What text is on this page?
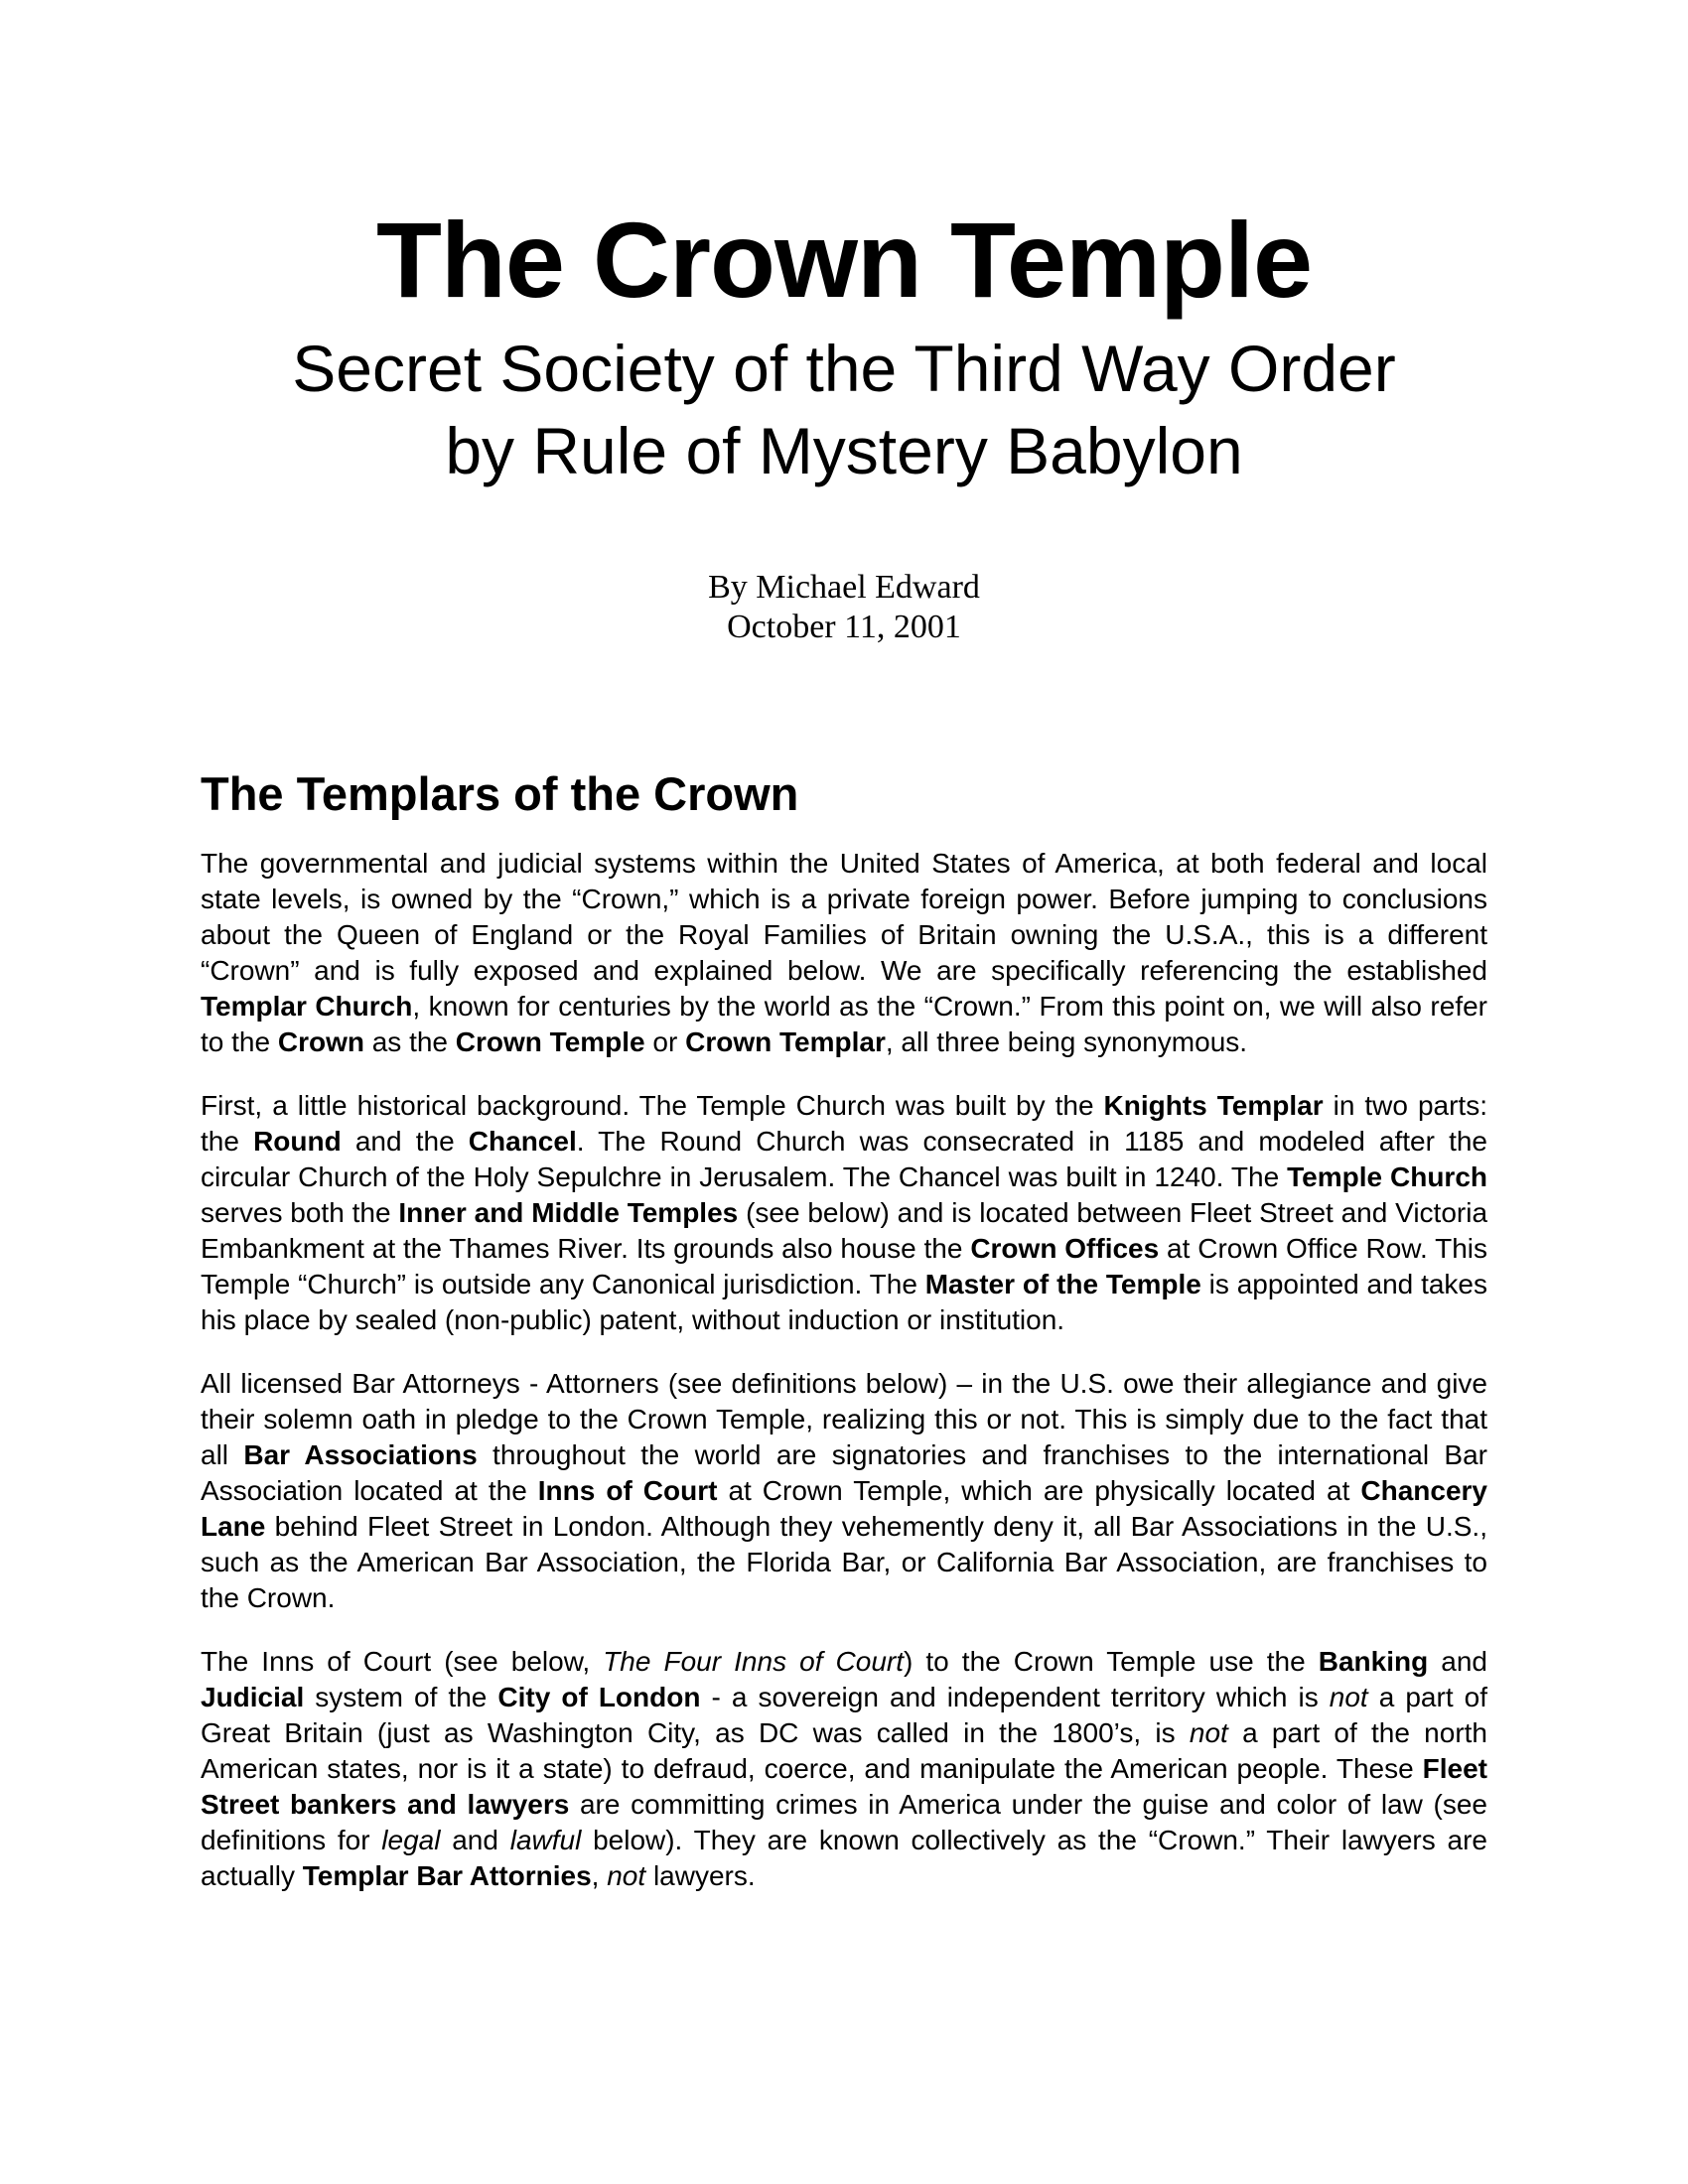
The Crown Temple
Secret Society of the Third Way Order
by Rule of Mystery Babylon
By Michael Edward
October 11, 2001
The Templars of the Crown

The governmental and judicial systems within the United States of America, at both federal and local state levels, is owned by the “Crown,” which is a private foreign power. Before jumping to conclusions about the Queen of England or the Royal Families of Britain owning the U.S.A., this is a different “Crown” and is fully exposed and explained below. We are specifically referencing the established Templar Church, known for centuries by the world as the “Crown.” From this point on, we will also refer to the Crown as the Crown Temple or Crown Templar, all three being synonymous.

First, a little historical background. The Temple Church was built by the Knights Templar in two parts: the Round and the Chancel. The Round Church was consecrated in 1185 and modeled after the circular Church of the Holy Sepulchre in Jerusalem. The Chancel was built in 1240. The Temple Church serves both the Inner and Middle Temples (see below) and is located between Fleet Street and Victoria Embankment at the Thames River. Its grounds also house the Crown Offices at Crown Office Row. This Temple “Church” is outside any Canonical jurisdiction. The Master of the Temple is appointed and takes his place by sealed (non-public) patent, without induction or institution.

All licensed Bar Attorneys - Attorners (see definitions below) – in the U.S. owe their allegiance and give their solemn oath in pledge to the Crown Temple, realizing this or not. This is simply due to the fact that all Bar Associations throughout the world are signatories and franchises to the international Bar Association located at the Inns of Court at Crown Temple, which are physically located at Chancery Lane behind Fleet Street in London. Although they vehemently deny it, all Bar Associations in the U.S., such as the American Bar Association, the Florida Bar, or California Bar Association, are franchises to the Crown.

The Inns of Court (see below, The Four Inns of Court) to the Crown Temple use the Banking and Judicial system of the City of London - a sovereign and independent territory which is not a part of Great Britain (just as Washington City, as DC was called in the 1800’s, is not a part of the north American states, nor is it a state) to defraud, coerce, and manipulate the American people. These Fleet Street bankers and lawyers are committing crimes in America under the guise and color of law (see definitions for legal and lawful below). They are known collectively as the “Crown.” Their lawyers are actually Templar Bar Attornies, not lawyers.
